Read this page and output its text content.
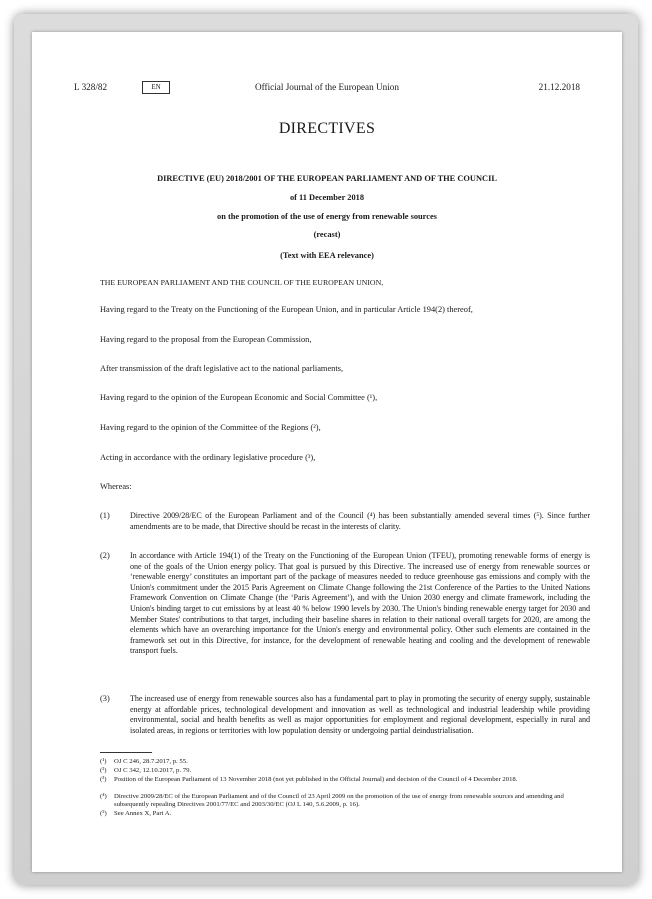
L 328/82	EN	Official Journal of the European Union	21.12.2018
DIRECTIVES
DIRECTIVE (EU) 2018/2001 OF THE EUROPEAN PARLIAMENT AND OF THE COUNCIL
of 11 December 2018
on the promotion of the use of energy from renewable sources
(recast)
(Text with EEA relevance)
THE EUROPEAN PARLIAMENT AND THE COUNCIL OF THE EUROPEAN UNION,
Having regard to the Treaty on the Functioning of the European Union, and in particular Article 194(2) thereof,
Having regard to the proposal from the European Commission,
After transmission of the draft legislative act to the national parliaments,
Having regard to the opinion of the European Economic and Social Committee (¹),
Having regard to the opinion of the Committee of the Regions (²),
Acting in accordance with the ordinary legislative procedure (³),
Whereas:
(1) Directive 2009/28/EC of the European Parliament and of the Council (⁴) has been substantially amended several times (⁵). Since further amendments are to be made, that Directive should be recast in the interests of clarity.
(2) In accordance with Article 194(1) of the Treaty on the Functioning of the European Union (TFEU), promoting renewable forms of energy is one of the goals of the Union energy policy. That goal is pursued by this Directive. The increased use of energy from renewable sources or ‘renewable energy’ constitutes an important part of the package of measures needed to reduce greenhouse gas emissions and comply with the Union's commitment under the 2015 Paris Agreement on Climate Change following the 21st Conference of the Parties to the United Nations Framework Convention on Climate Change (the ‘Paris Agreement’), and with the Union 2030 energy and climate framework, including the Union's binding target to cut emissions by at least 40 % below 1990 levels by 2030. The Union's binding renewable energy target for 2030 and Member States' contributions to that target, including their baseline shares in relation to their national overall targets for 2020, are among the elements which have an overarching importance for the Union's energy and environmental policy. Other such elements are contained in the framework set out in this Directive, for instance, for the development of renewable heating and cooling and the development of renewable transport fuels.
(3) The increased use of energy from renewable sources also has a fundamental part to play in promoting the security of energy supply, sustainable energy at affordable prices, technological development and innovation as well as technological and industrial leadership while providing environmental, social and health benefits as well as major opportunities for employment and regional development, especially in rural and isolated areas, in regions or territories with low population density or undergoing partial deindustrialisation.
(¹) OJ C 246, 28.7.2017, p. 55.
(²) OJ C 342, 12.10.2017, p. 79.
(³) Position of the European Parliament of 13 November 2018 (not yet published in the Official Journal) and decision of the Council of 4 December 2018.
(⁴) Directive 2009/28/EC of the European Parliament and of the Council of 23 April 2009 on the promotion of the use of energy from renewable sources and amending and subsequently repealing Directives 2001/77/EC and 2003/30/EC (OJ L 140, 5.6.2009, p. 16).
(⁵) See Annex X, Part A.
